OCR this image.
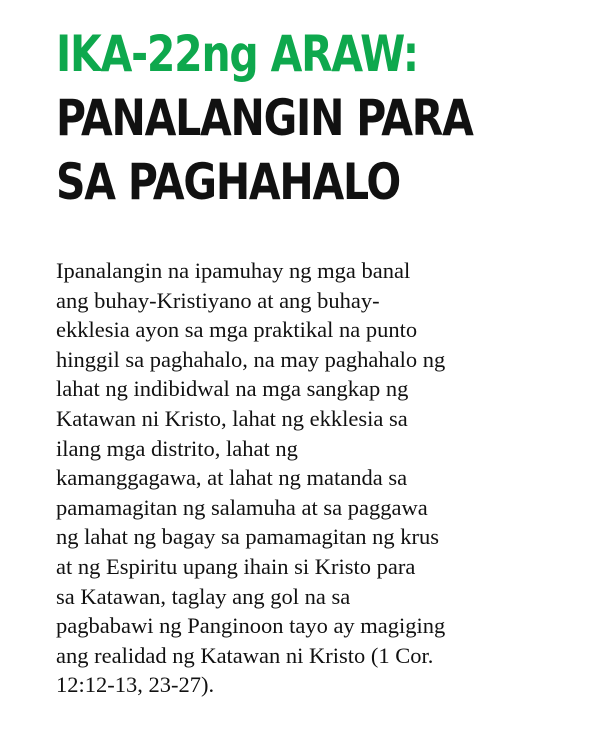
IKA-22ng ARAW:
PANALANGIN PARA
SA PAGHAHALO

Ipanalangin na ipamuhay ng mga banal
ang buhay-Kristiyano at ang buhay-
ekklesia ayon sa mga praktikal na punto
hinggil sa paghahalo, na may paghahalo ng
lahat ng indibidwal na mga sangkap ng
Katawan ni Kristo, lahat ng ekklesia sa
ilang mga distrito, lahat ng
kamanggagawa, at lahat ng matanda sa
pamamagitan ng salamuha at sa paggawa
ng lahat ng bagay sa pamamagitan ng krus
at ng Espiritu upang ihain si Kristo para
sa Katawan, taglay ang gol na sa
pagbabawi ng Panginoon tayo ay magiging
ang realidad ng Katawan ni Kristo (1 Cor.
12:12-13, 23-27).
